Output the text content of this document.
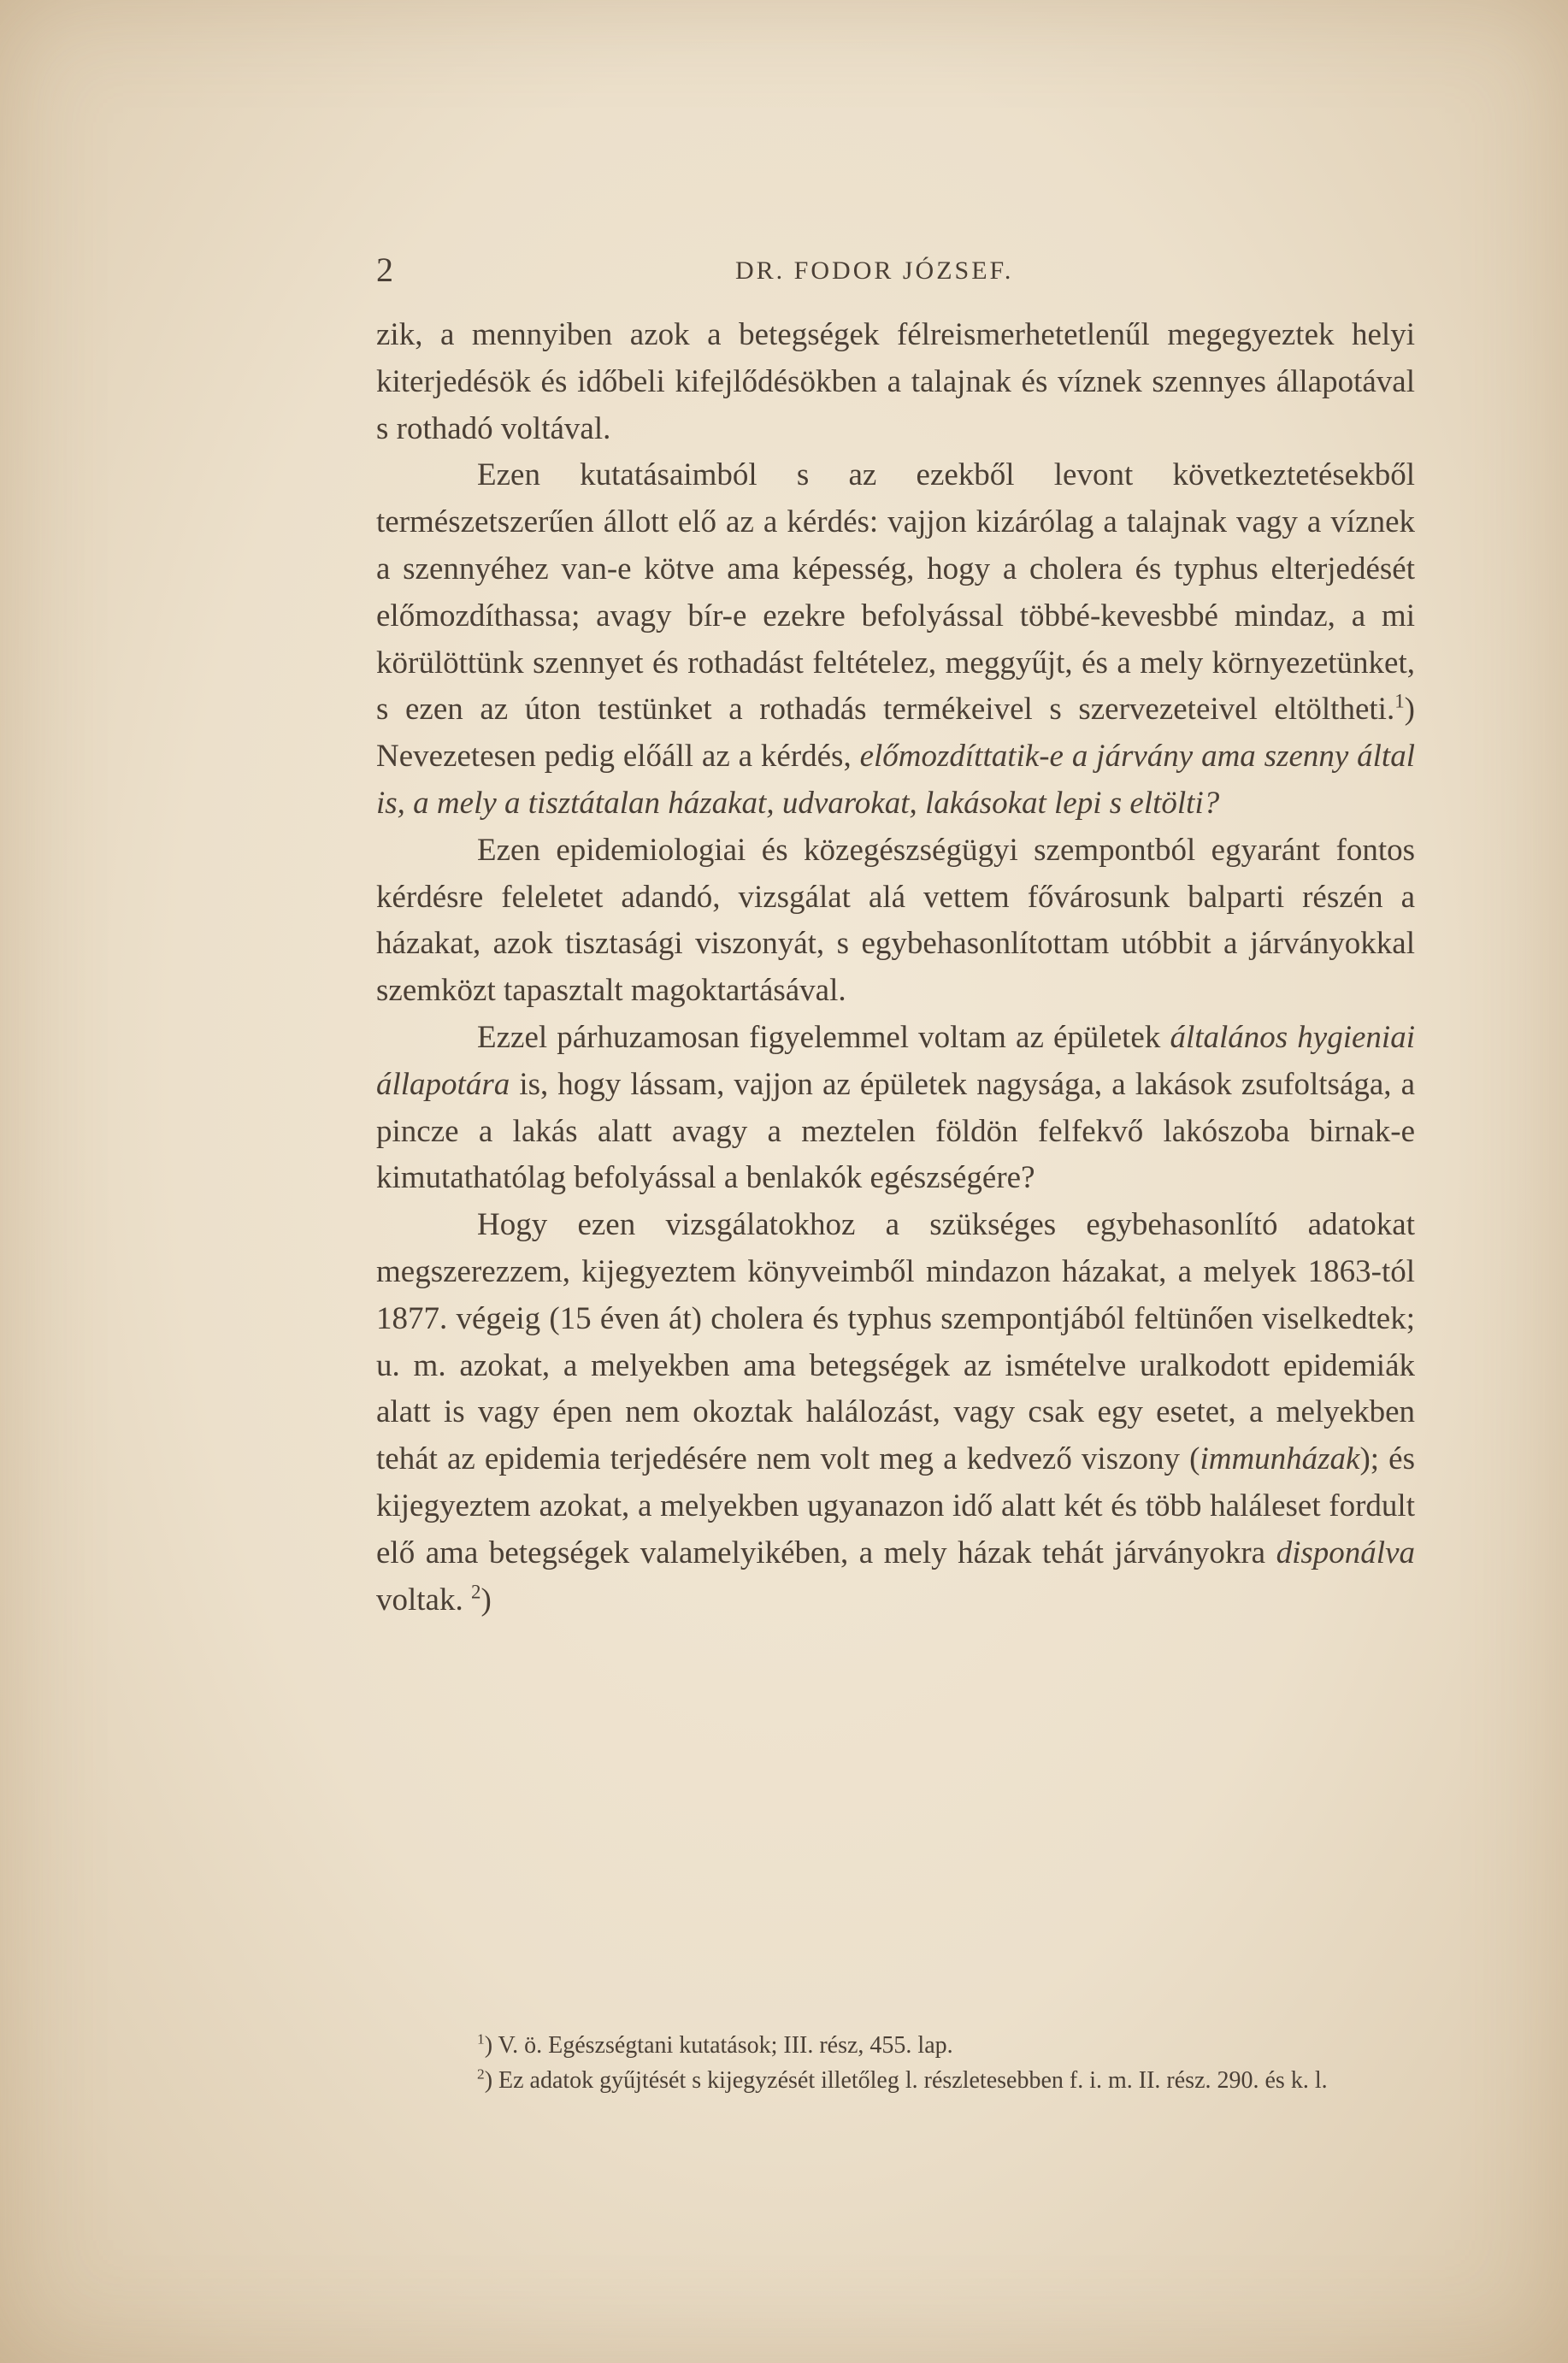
2	DR. FODOR JÓZSEF.

zik, a mennyiben azok a betegségek félreismerhetetlenűl megegyeztek helyi kiterjedésök és időbeli kifejlődésökben a talajnak és víznek szennyes állapotával s rothadó voltával.

Ezen kutatásaimból s az ezekből levont következtetésekből természetszerűen állott elő az a kérdés: vajjon kizárólag a talajnak vagy a víznek a szennyéhez van-e kötve ama képesség, hogy a cholera és typhus elterjedését előmozdíthassa; avagy bír-e ezekre befolyással többé-kevesbbé mindaz, a mi körülöttünk szennyet és rothadást feltételez, meggyűjt, és a mely környezetünket, s ezen az úton testünket a rothadás termékeivel s szervezeteivel eltöltheti.$^1$) Nevezetesen pedig előáll az a kérdés, előmozdíttatik-e a járvány ama szenny által is, a mely a tisztátalan házakat, udvarokat, lakásokat lepi s eltölti?

Ezen epidemiologiai és közegészségügyi szempontból egyaránt fontos kérdésre feleletet adandó, vizsgálat alá vettem fővárosunk balparti részén a házakat, azok tisztasági viszonyát, s egybehasonlítottam utóbbit a járványokkal szemközt tapasztalt magoktartásával.

Ezzel párhuzamosan figyelemmel voltam az épületek általános hygieniai állapotára is, hogy lássam, vajjon az épületek nagysága, a lakások zsufoltsága, a pincze a lakás alatt avagy a meztelen földön felfekvő lakószoba birnak-e kimutathatólag befolyással a benlakók egészségére?

Hogy ezen vizsgálatokhoz a szükséges egybehasonlító adatokat megszerezzem, kijegyeztem könyveimből mindazon házakat, a melyek 1863-tól 1877. végeig (15 éven át) cholera és typhus szempontjából feltünően viselkedtek; u. m. azokat, a melyekben ama betegségek az ismételve uralkodott epidemiák alatt is vagy épen nem okoztak halálozást, vagy csak egy esetet, a melyekben tehát az epidemia terjedésére nem volt meg a kedvező viszony (immunházak); és kijegyeztem azokat, a melyekben ugyanazon idő alatt két és több haláleset fordult elő ama betegségek valamelyikében, a mely házak tehát járványokra disponálva voltak. $^2$)

$^1$) V. ö. Egészségtani kutatások; III. rész, 455. lap.

$^2$) Ez adatok gyűjtését s kijegyzését illetőleg l. részletesebben f. i. m. II. rész. 290. és k. l.
